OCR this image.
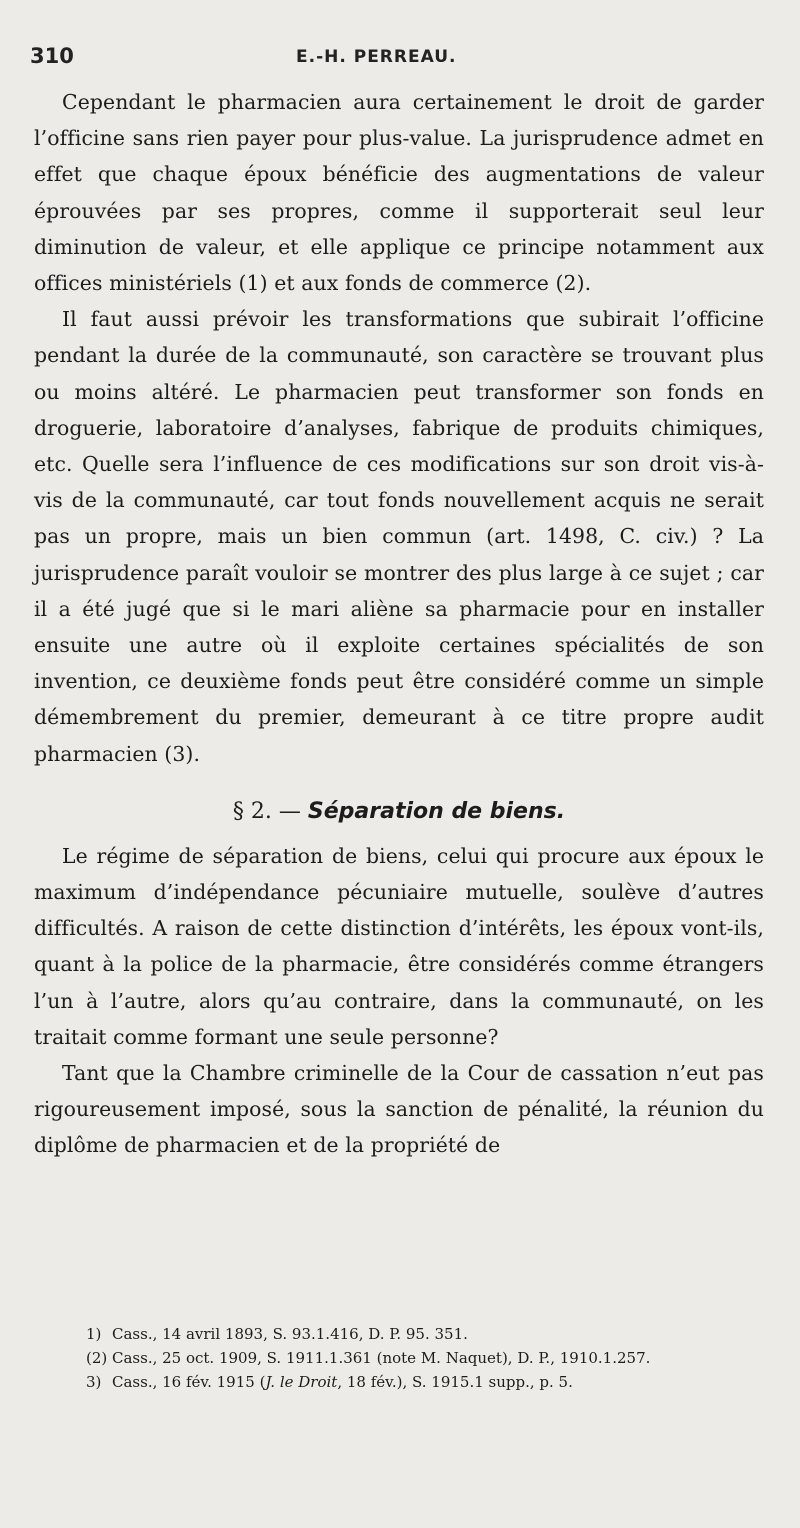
310	E.-H. PERREAU.

Cependant le pharmacien aura certainement le droit de garder l’officine sans rien payer pour plus-value. La jurisprudence admet en effet que chaque époux bénéficie des augmentations de valeur éprouvées par ses propres, comme il supporterait seul leur diminution de valeur, et elle applique ce principe notamment aux offices ministériels (1) et aux fonds de commerce (2).

Il faut aussi prévoir les transformations que subirait l’officine pendant la durée de la communauté, son caractère se trouvant plus ou moins altéré. Le pharmacien peut transformer son fonds en droguerie, laboratoire d’analyses, fabrique de produits chimiques, etc. Quelle sera l’influence de ces modifications sur son droit vis-à-vis de la communauté, car tout fonds nouvellement acquis ne serait pas un propre, mais un bien commun (art. 1498, C. civ.) ? La jurisprudence paraît vouloir se montrer des plus large à ce sujet ; car il a été jugé que si le mari aliène sa pharmacie pour en installer ensuite une autre où il exploite certaines spécialités de son invention, ce deuxième fonds peut être considéré comme un simple démembrement du premier, demeurant à ce titre propre audit pharmacien (3).

§ 2. — Séparation de biens.

Le régime de séparation de biens, celui qui procure aux époux le maximum d’indépendance pécuniaire mutuelle, soulève d’autres difficultés. A raison de cette distinction d’intérêts, les époux vont-ils, quant à la police de la pharmacie, être considérés comme étrangers l’un à l’autre, alors qu’au contraire, dans la communauté, on les traitait comme formant une seule personne?

Tant que la Chambre criminelle de la Cour de cassation n’eut pas rigoureusement imposé, sous la sanction de pénalité, la réunion du diplôme de pharmacien et de la propriété de

1) Cass., 14 avril 1893, S. 93.1.416, D. P. 95. 351.

(2) Cass., 25 oct. 1909, S. 1911.1.361 (note M. Naquet), D. P., 1910.1.257.

3) Cass., 16 fév. 1915 (J. le Droit, 18 fév.), S. 1915.1 supp., p. 5.
